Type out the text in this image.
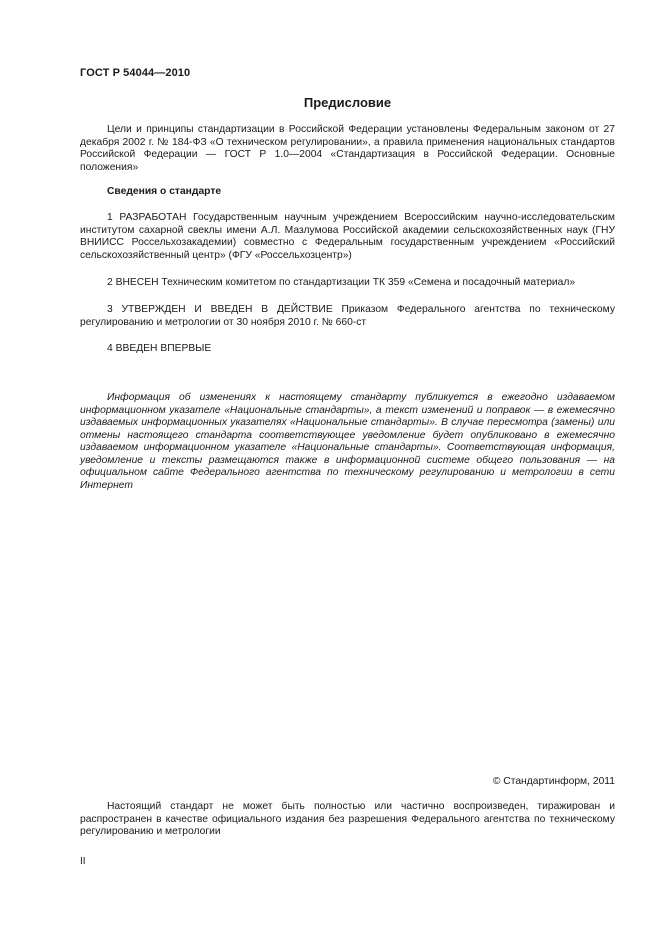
ГОСТ Р 54044—2010
Предисловие
Цели и принципы стандартизации в Российской Федерации установлены Федеральным законом от 27 декабря 2002 г. № 184-ФЗ «О техническом регулировании», а правила применения национальных стандартов Российской Федерации — ГОСТ Р 1.0—2004 «Стандартизация в Российской Федерации. Основные положения»
Сведения о стандарте
1 РАЗРАБОТАН Государственным научным учреждением Всероссийским научно-исследовательским институтом сахарной свеклы имени А.Л. Мазлумова Российской академии сельскохозяйственных наук (ГНУ ВНИИСС Россельхозакадемии) совместно с Федеральным государственным учреждением «Российский сельскохозяйственный центр» (ФГУ «Россельхозцентр»)
2 ВНЕСЕН Техническим комитетом по стандартизации ТК 359 «Семена и посадочный материал»
3 УТВЕРЖДЕН И ВВЕДЕН В ДЕЙСТВИЕ Приказом Федерального агентства по техническому регулированию и метрологии от 30 ноября 2010 г. № 660-ст
4 ВВЕДЕН ВПЕРВЫЕ
Информация об изменениях к настоящему стандарту публикуется в ежегодно издаваемом информационном указателе «Национальные стандарты», а текст изменений и поправок — в ежемесячно издаваемых информационных указателях «Национальные стандарты». В случае пересмотра (замены) или отмены настоящего стандарта соответствующее уведомление будет опубликовано в ежемесячно издаваемом информационном указателе «Национальные стандарты». Соответствующая информация, уведомление и тексты размещаются также в информационной системе общего пользования — на официальном сайте Федерального агентства по техническому регулированию и метрологии в сети Интернет
© Стандартинформ, 2011
Настоящий стандарт не может быть полностью или частично воспроизведен, тиражирован и распространен в качестве официального издания без разрешения Федерального агентства по техническому регулированию и метрологии
II
